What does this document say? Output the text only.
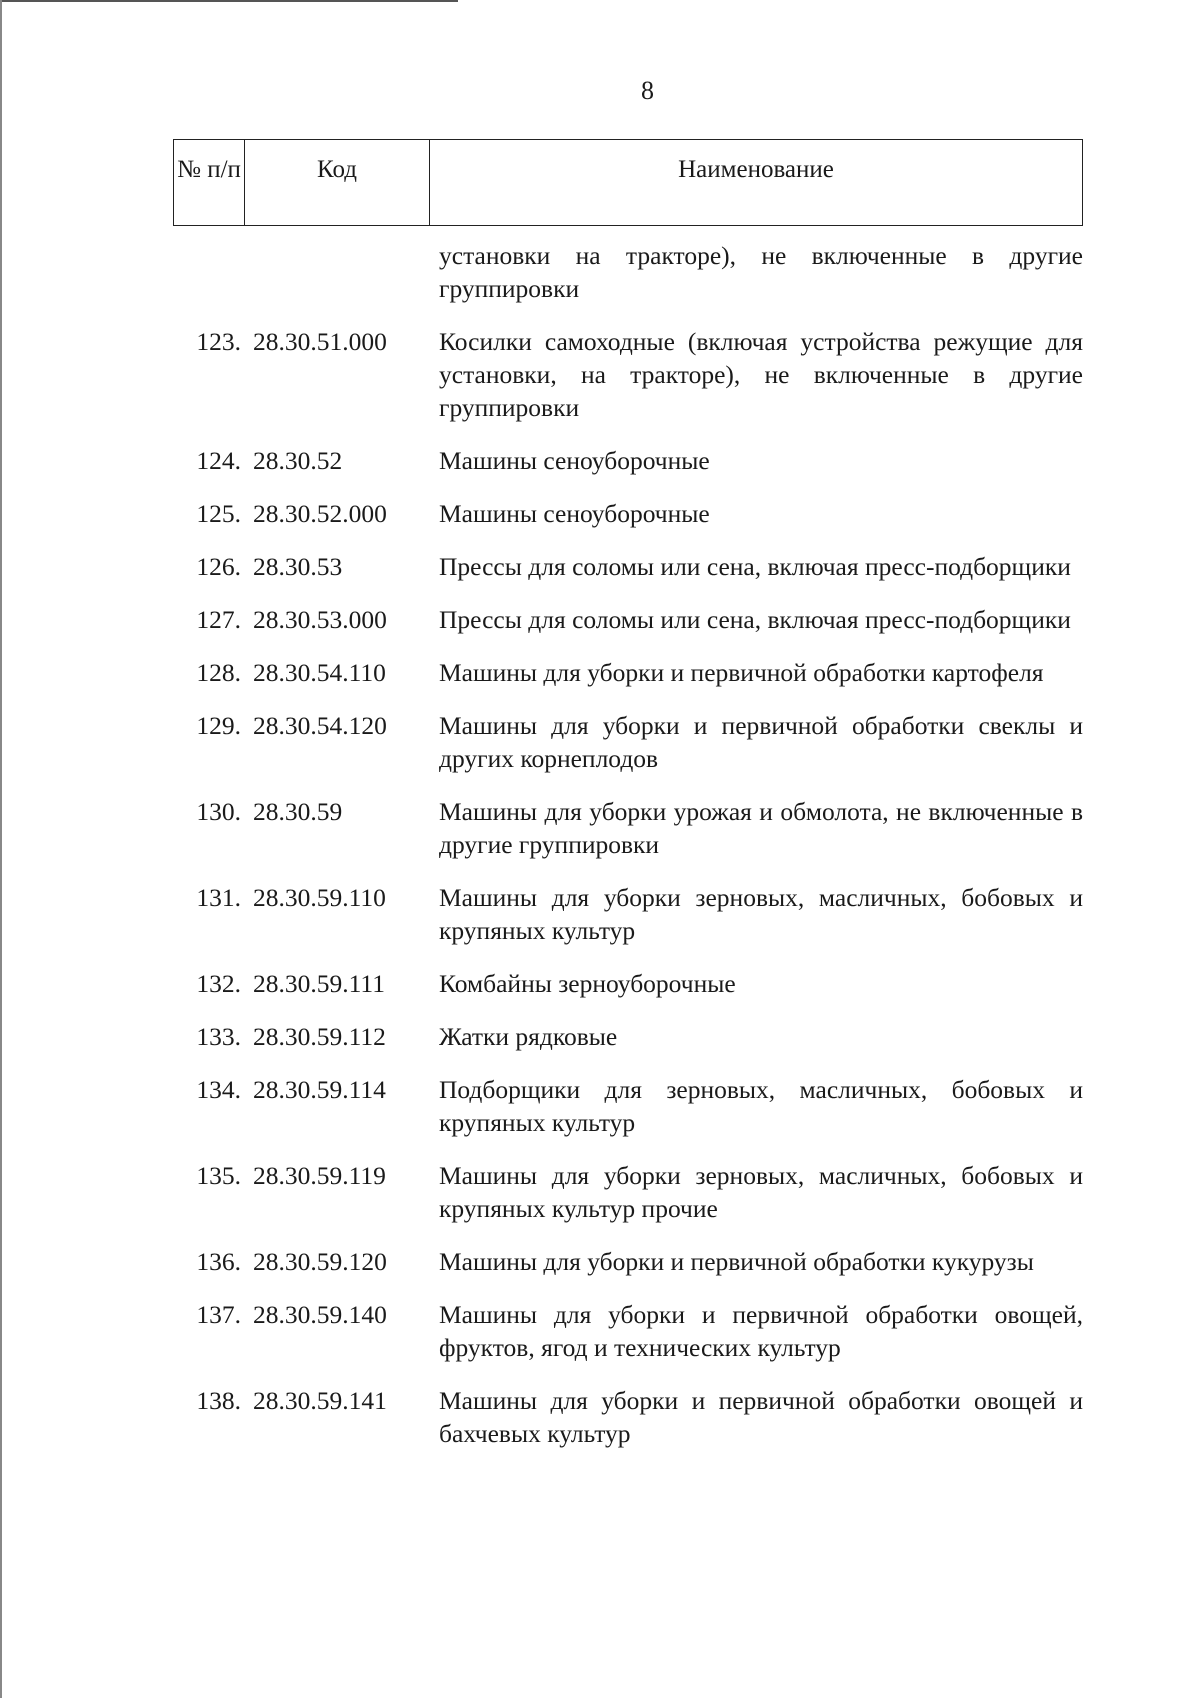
8
№ п/п	Код	Наименование
установки на тракторе), не включенные в другие группировки
123. 28.30.51.000	Косилки самоходные (включая устройства режущие для установки, на тракторе), не включенные в другие группировки
124. 28.30.52	Машины сеноуборочные
125. 28.30.52.000	Машины сеноуборочные
126. 28.30.53	Прессы для соломы или сена, включая пресс-подборщики
127. 28.30.53.000	Прессы для соломы или сена, включая пресс-подборщики
128. 28.30.54.110	Машины для уборки и первичной обработки картофеля
129. 28.30.54.120	Машины для уборки и первичной обработки свеклы и других корнеплодов
130. 28.30.59	Машины для уборки урожая и обмолота, не включенные в другие группировки
131. 28.30.59.110	Машины для уборки зерновых, масличных, бобовых и крупяных культур
132. 28.30.59.111	Комбайны зерноуборочные
133. 28.30.59.112	Жатки рядковые
134. 28.30.59.114	Подборщики для зерновых, масличных, бобовых и крупяных культур
135. 28.30.59.119	Машины для уборки зерновых, масличных, бобовых и крупяных культур прочие
136. 28.30.59.120	Машины для уборки и первичной обработки кукурузы
137. 28.30.59.140	Машины для уборки и первичной обработки овощей, фруктов, ягод и технических культур
138. 28.30.59.141	Машины для уборки и первичной обработки овощей и бахчевых культур
